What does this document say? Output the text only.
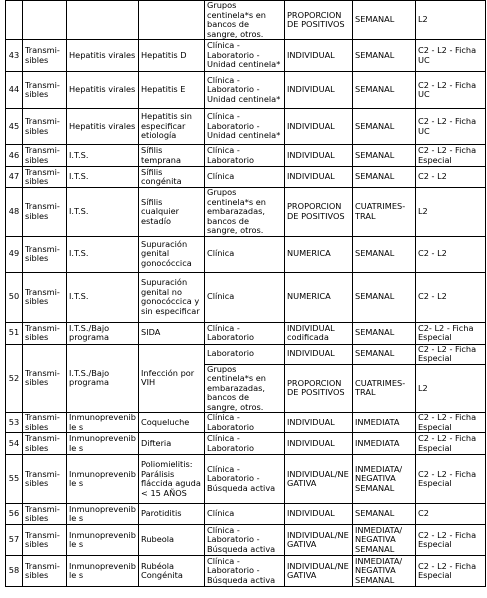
				Grupos centinela*s en bancos de sangre, otros.	PROPORCION DE POSITIVOS	SEMANAL	L2
43	Transmi-sibles	Hepatitis virales	Hepatitis D	Clínica - Laboratorio - Unidad centinela*	INDIVIDUAL	SEMANAL	C2 - L2 - Ficha UC
44	Transmi-sibles	Hepatitis virales	Hepatitis E	Clínica - Laboratorio - Unidad centinela*	INDIVIDUAL	SEMANAL	C2 - L2 - Ficha UC
45	Transmi-sibles	Hepatitis virales	Hepatitis sin especificar etiología	Clínica - Laboratorio - Unidad centinela*	INDIVIDUAL	SEMANAL	C2 - L2 - Ficha UC
46	Transmi-sibles	I.T.S.	Sífilis temprana	Clínica - Laboratorio	INDIVIDUAL	SEMANAL	C2 - L2 - Ficha Especial
47	Transmi-sibles	I.T.S.	Sífilis congénita	Clínica	INDIVIDUAL	SEMANAL	C2 - L2
48	Transmi-sibles	I.T.S.	Sífilis cualquier estadío	Grupos centinela*s en embarazadas, bancos de sangre, otros.	PROPORCION DE POSITIVOS	CUATRIMES-TRAL	L2
49	Transmi-sibles	I.T.S.	Supuración genital gonocóccica	Clínica	NUMERICA	SEMANAL	C2 - L2
50	Transmi-sibles	I.T.S.	Supuración genital no gonocóccica y sin especificar	Clínica	NUMERICA	SEMANAL	C2 - L2
51	Transmi-sibles	I.T.S./Bajo programa	SIDA	Clínica - Laboratorio	INDIVIDUAL codificada	SEMANAL	C2- L2 - Ficha Especial
52	Transmi-sibles	I.T.S./Bajo programa	Infección por VIH	Laboratorio	INDIVIDUAL	SEMANAL	C2 - L2 - Ficha Especial
				Grupos centinela*s en embarazadas, bancos de sangre, otros.	PROPORCION DE POSITIVOS	CUATRIMES-TRAL	L2
53	Transmi-sibles	Inmunoprevenible s	Coqueluche	Clínica - Laboratorio	INDIVIDUAL	INMEDIATA	C2 - L2 - Ficha Especial
54	Transmi-sibles	Inmunoprevenible s	Difteria	Clínica - Laboratorio	INDIVIDUAL	INMEDIATA	C2 - L2 - Ficha Especial
55	Transmi-sibles	Inmunoprevenible s	Poliomielitis: Parálisis fláccida aguda < 15 AÑOS	Clínica - Laboratorio - Búsqueda activa	INDIVIDUAL/NE GATIVA	INMEDIATA/ NEGATIVA SEMANAL	C2 - L2 - Ficha Especial
56	Transmi-sibles	Inmunoprevenible s	Parotiditis	Clínica	INDIVIDUAL	SEMANAL	C2
57	Transmi-sibles	Inmunoprevenible s	Rubeola	Clínica - Laboratorio - Búsqueda activa	INDIVIDUAL/NE GATIVA	INMEDIATA/ NEGATIVA SEMANAL	C2 - L2 - Ficha Especial
58	Transmi-sibles	Inmunoprevenible s	Rubéola Congénita	Clínica - Laboratorio - Búsqueda activa	INDIVIDUAL/NE GATIVA	INMEDIATA/ NEGATIVA SEMANAL	C2 - L2 - Ficha Especial
